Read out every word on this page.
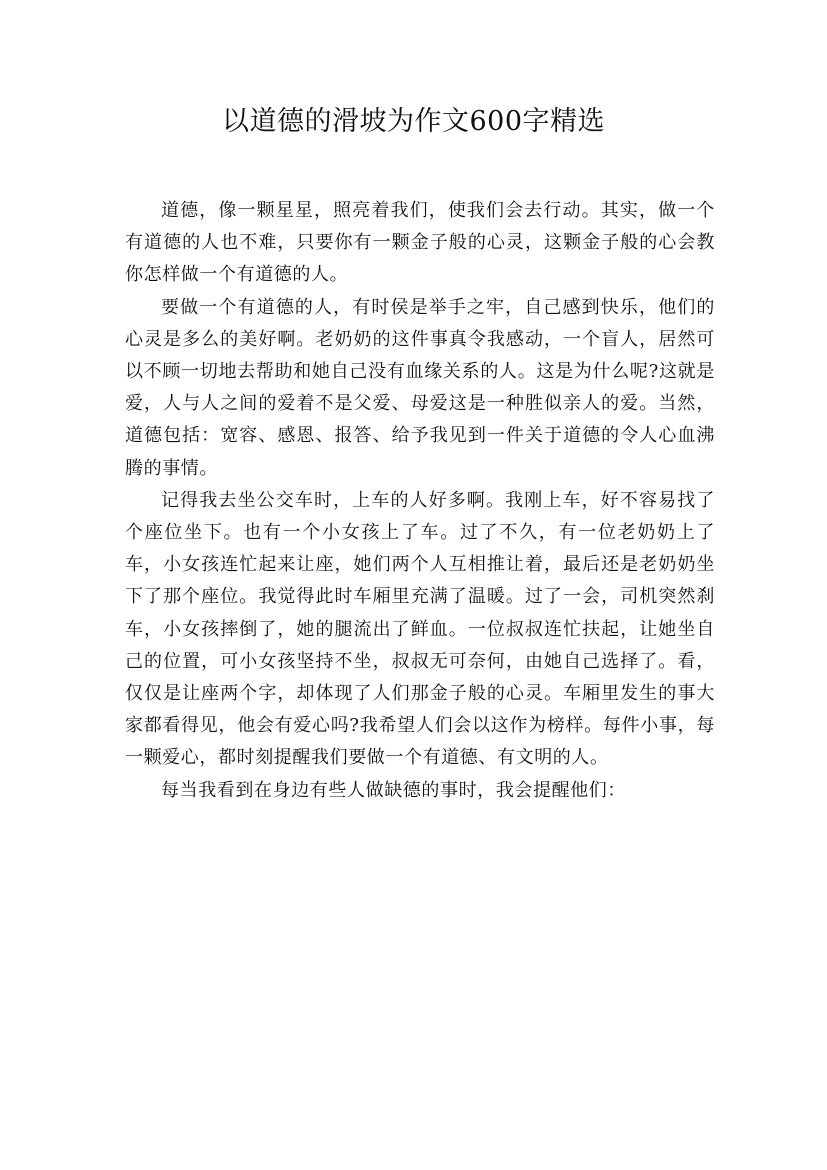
以道德的滑坡为作文600字精选

道德，像一颗星星，照亮着我们，使我们会去行动。其实，做一个有道德的人也不难，只要你有一颗金子般的心灵，这颗金子般的心会教你怎样做一个有道德的人。

要做一个有道德的人，有时侯是举手之牢，自己感到快乐，他们的心灵是多么的美好啊。老奶奶的这件事真令我感动，一个盲人，居然可以不顾一切地去帮助和她自己没有血缘关系的人。这是为什么呢?这就是爱，人与人之间的爱着不是父爱、母爱这是一种胜似亲人的爱。当然，道德包括：宽容、感恩、报答、给予我见到一件关于道德的令人心血沸腾的事情。

记得我去坐公交车时，上车的人好多啊。我刚上车，好不容易找了个座位坐下。也有一个小女孩上了车。过了不久，有一位老奶奶上了车，小女孩连忙起来让座，她们两个人互相推让着，最后还是老奶奶坐下了那个座位。我觉得此时车厢里充满了温暖。过了一会，司机突然刹车，小女孩摔倒了，她的腿流出了鲜血。一位叔叔连忙扶起，让她坐自己的位置，可小女孩坚持不坐，叔叔无可奈何，由她自己选择了。看，仅仅是让座两个字，却体现了人们那金子般的心灵。车厢里发生的事大家都看得见，他会有爱心吗?我希望人们会以这作为榜样。每件小事，每一颗爱心，都时刻提醒我们要做一个有道德、有文明的人。

每当我看到在身边有些人做缺德的事时，我会提醒他们：
